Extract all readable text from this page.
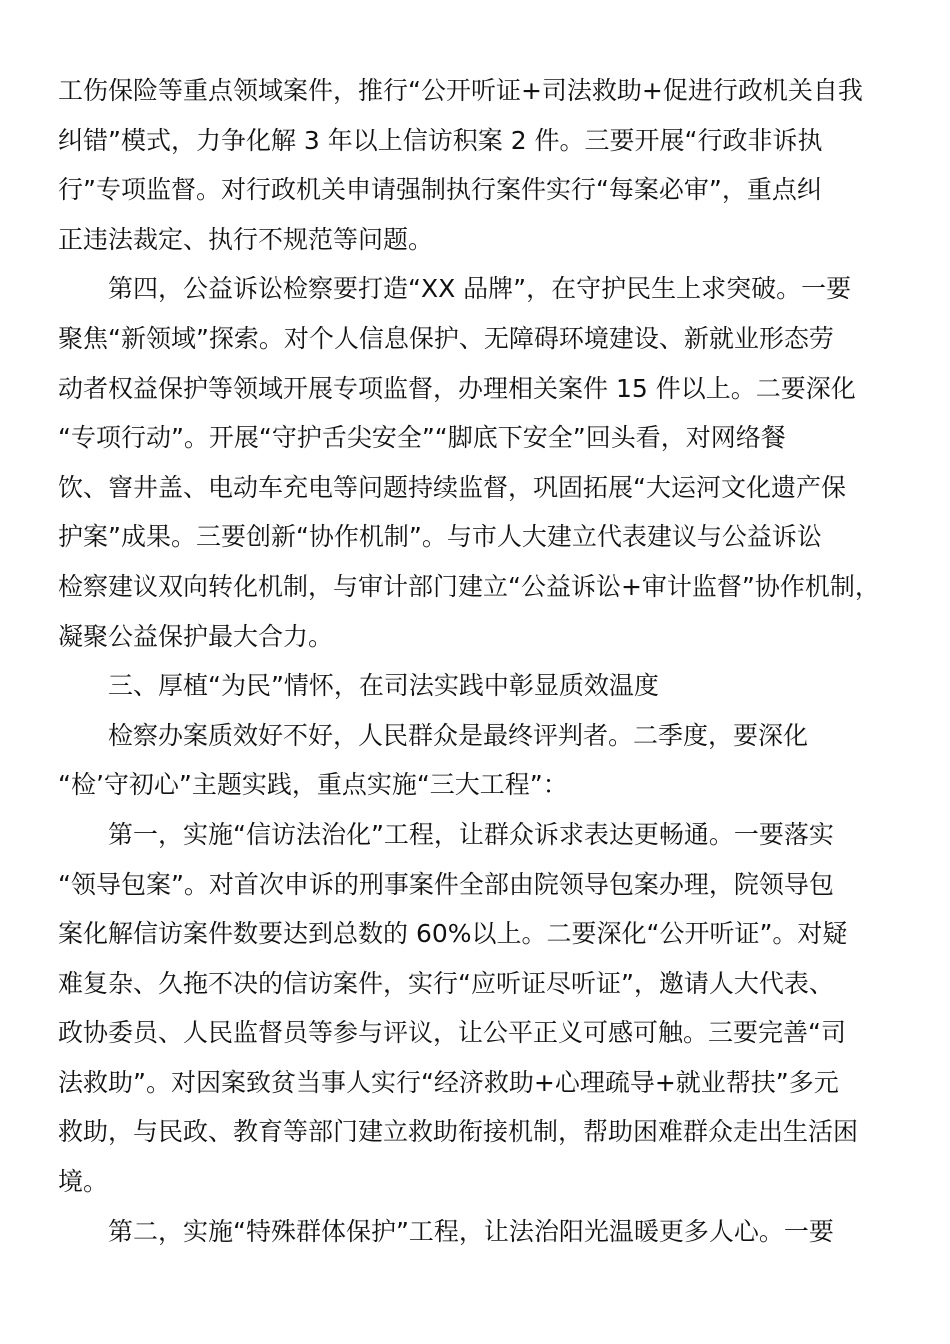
工伤保险等重点领域案件，推行“公开听证+司法救助+促进行政机关自我
纠错”模式，力争化解 3 年以上信访积案 2 件。三要开展“行政非诉执
行”专项监督。对行政机关申请强制执行案件实行“每案必审”，重点纠
正违法裁定、执行不规范等问题。
　　第四，公益诉讼检察要打造“XX 品牌”，在守护民生上求突破。一要
聚焦“新领域”探索。对个人信息保护、无障碍环境建设、新就业形态劳
动者权益保护等领域开展专项监督，办理相关案件 15 件以上。二要深化
“专项行动”。开展“守护舌尖安全”“脚底下安全”回头看，对网络餐
饮、窨井盖、电动车充电等问题持续监督，巩固拓展“大运河文化遗产保
护案”成果。三要创新“协作机制”。与市人大建立代表建议与公益诉讼
检察建议双向转化机制，与审计部门建立“公益诉讼+审计监督”协作机制，
凝聚公益保护最大合力。
　　三、厚植“为民”情怀，在司法实践中彰显质效温度
　　检察办案质效好不好，人民群众是最终评判者。二季度，要深化
“检’守初心”主题实践，重点实施“三大工程”：
　　第一，实施“信访法治化”工程，让群众诉求表达更畅通。一要落实
“领导包案”。对首次申诉的刑事案件全部由院领导包案办理，院领导包
案化解信访案件数要达到总数的 60%以上。二要深化“公开听证”。对疑
难复杂、久拖不决的信访案件，实行“应听证尽听证”，邀请人大代表、
政协委员、人民监督员等参与评议，让公平正义可感可触。三要完善“司
法救助”。对因案致贫当事人实行“经济救助+心理疏导+就业帮扶”多元
救助，与民政、教育等部门建立救助衔接机制，帮助困难群众走出生活困
境。
　　第二，实施“特殊群体保护”工程，让法治阳光温暖更多人心。一要
